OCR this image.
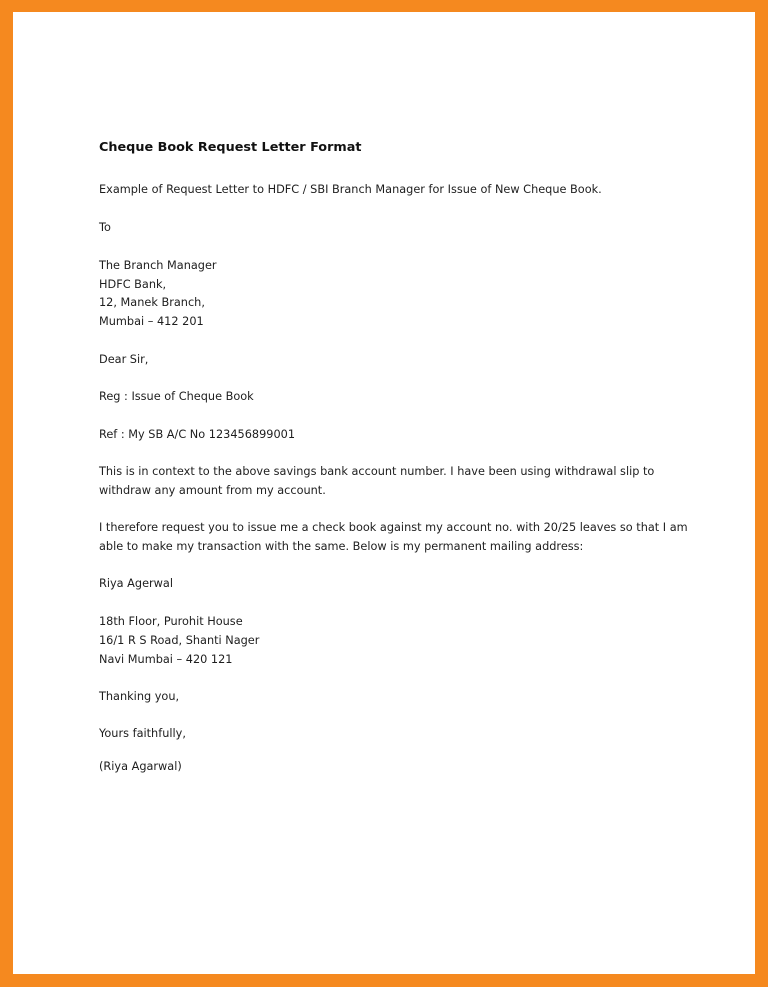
Cheque Book Request Letter Format

Example of Request Letter to HDFC / SBI Branch Manager for Issue of New Cheque Book.

To

The Branch Manager

HDFC Bank,

12, Manek Branch,

Mumbai – 412 201

Dear Sir,

Reg : Issue of Cheque Book

Ref : My SB A/C No 123456899001

This is in context to the above savings bank account number. I have been using withdrawal slip to

withdraw any amount from my account.

I therefore request you to issue me a check book against my account no. with 20/25 leaves so that I am

able to make my transaction with the same. Below is my permanent mailing address:

Riya Agerwal

18th Floor, Purohit House

16/1 R S Road, Shanti Nager

Navi Mumbai – 420 121

Thanking you,

Yours faithfully,

(Riya Agarwal)
